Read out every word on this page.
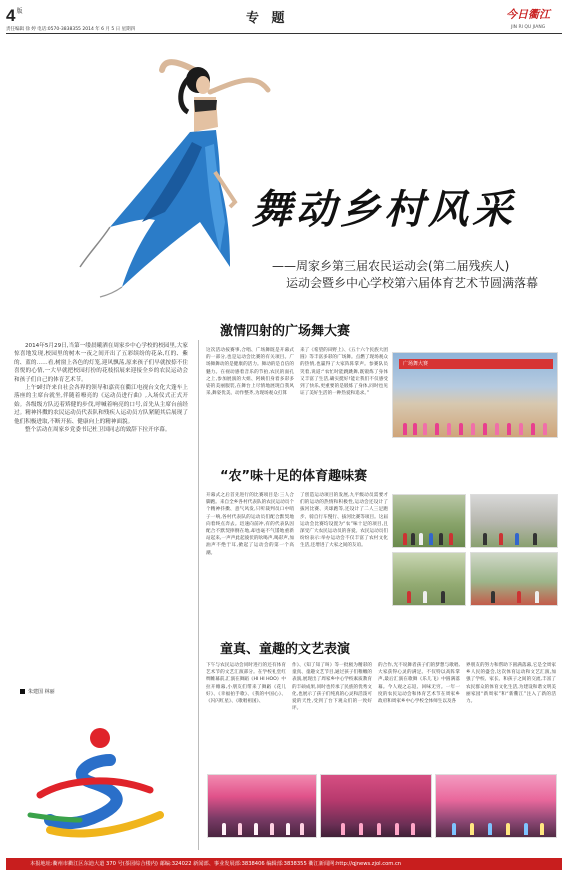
$4^版$	专 题	今日衢江
责任编辑 徐 婷 电话:0570-3838355 2014 年 6 月 5 日 星期四	JIN RI QU JIANG
舞动乡村风采
——周家乡第三届农民运动会(第二届残疾人)
运动会暨乡中心学校第六届体育艺术节圆满落幕
2014年5月29日,当第一缕晨曦洒在周家乡中心学校的校园里,大家惊喜地发现,校园里的树木一夜之间开出了五彩缤纷的花朵,红的、紫的、蓝的……看,树窗上各色的灯笼,迎风飘荡,原来孩子们早就按捺不住喜悦的心情,一大早就把校园打扮的花枝招展来迎接全乡的农民运动会和孩子们自己的体育艺术节。
上午9时许来自社会各界的领导和嘉宾在衢江电视台文化大蓬车上落座的主席台就坐,伴随着嘹亮的《运动员进行曲》,入场仪式正式开始。各级级方队迈着矫健的步伐,呼喊着响亮的口号,首先从主席台前经过。精神抖擞的农民运动员代表队和残疾人运动员方队紧随其后展现了他们积极进取,不断开拓、健康向上的精神面貌。
整个活动在周家乡党委书记杜卫国同志的致辞下拉开序幕。
朱建国 林丽
激情四射的广场舞大赛
这次活动按赛事,合唱、广场舞既是开幕式的一部分,也是运动会比赛的有关项目。广场舞舞动的是健康的活力。舞动的是自信的魅力。在视动感着音乐的节拍,农民的面孔之上,参加展演的大姐、阿姨们身着多彩多姿的美丽服装,在舞台上尽情地展现自我风采,舞姿优美、动作整齐,为现场观众打算
来了《希望的田野上》、《五十六个民族大团圆》等丰富多彩的广场舞。点燃了现场观众的热情,也赢得了大家阵阵掌声。参赛队员笑着,说道:“农忙时能跳跳舞,既锻炼了身体又丰富了生活,确实挺好!能让我们不仅感受到了快乐,更重要的是锻炼了身体,同时也见证了美好生活的一种热爱和追求。”
广场舞大赛
“农”味十足的体育趣味赛
开幕式之后首先进行的比赛项目是:三人合脚跑。来自全乡各村代表队的农民运动员个个精神抖擞、意气风发,只听裁判员口中哨子一响,各村代表队的运动员们配合默契地向着终点奔去。迅速向前冲,有的代表队因配合不默契摔倒在地,却也毫不气馁地重新站起来,一声声此起彼伏的吆喝声,喝彩声,加油声不绝于耳,掀起了运动会的第一个高潮。
了创造运动项目的发展,九平级动员需要才们的运动的热情和积极性,运动会还设计了拔河比赛、夹球跑等,还设计了二人三足跑步、骑自行车慢行、拔河比赛等项目。这届运动会比赛均设置为“农”味十足的项目,且深受广大农民运动员的喜爱。农民运动员们纷纷表示:举办运动会不仅丰富了农村文化生活,还增进了大家之间的友谊。
童真、童趣的文艺表演
下午与农民运动会同时进行的还有体育艺术节的文艺汇演部分。在学校礼堂红绸帷幕前,汇演在舞蹈《HI HI HOO》中拉开帷幕,小朋友们带来了舞蹈《花儿好》、《幸福拍手歌》、《我的中国心》、《闪闪红星》、《歌唱祖国》、
作》、《知了知了叫》等一批极为精彩的童真、童趣文艺节目,通过孩子们稚嫩的表演,展现出了周家乡中心学校素质教育的丰硕成果,同时也传承了民族的优秀文化,也展示了孩子们纯真的心灵和活泼可爱的天性,受到了台下观众们的一致好评。
的合作,光不说舞者孩子们的梦想与歌唱,大家获得心灵的满足。不仅特以高阵掌声,最后汇演在歌舞《乐儿飞》中圆满落幕。今人观之忘返、回味无穷。一年一度的农民运动会和体育艺术节在周家乡政府和周家乡中心学校全体师生以及各
界朋友的努力和帮助下圆满落幕,它是全周家乡人民的盛会,这次体育运动和文艺汇演,加强了学校、家长、和孩子之间的交流,丰富了农民群众的体育文化生活,为建设和谐文明美丽家园“新周家”和“新衢江”注入了新的活力。
本报地址:衢州市衢江区东迪大道 370 号(茶园综合楼内) 邮编:324022 新闻部、事业发展部:3838406 编辑部:3838355 衢江新闻网:http://qjnews.zjol.com.cn
